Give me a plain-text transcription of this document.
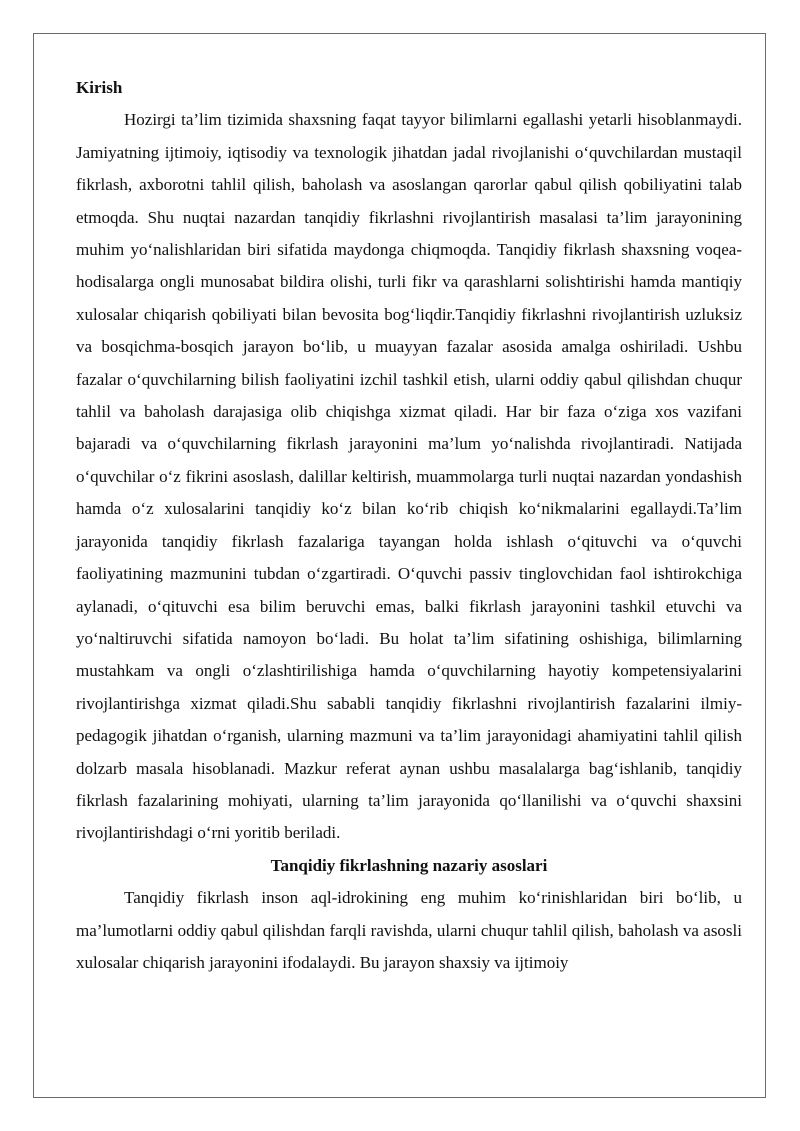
Kirish

Hozirgi ta’lim tizimida shaxsning faqat tayyor bilimlarni egallashi yetarli hisoblanmaydi. Jamiyatning ijtimoiy, iqtisodiy va texnologik jihatdan jadal rivojlanishi o‘quvchilardan mustaqil fikrlash, axborotni tahlil qilish, baholash va asoslangan qarorlar qabul qilish qobiliyatini talab etmoqda. Shu nuqtai nazardan tanqidiy fikrlashni rivojlantirish masalasi ta’lim jarayonining muhim yo‘nalishlaridan biri sifatida maydonga chiqmoqda. Tanqidiy fikrlash shaxsning voqea-hodisalarga ongli munosabat bildira olishi, turli fikr va qarashlarni solishtirishi hamda mantiqiy xulosalar chiqarish qobiliyati bilan bevosita bog‘liqdir.Tanqidiy fikrlashni rivojlantirish uzluksiz va bosqichma-bosqich jarayon bo‘lib, u muayyan fazalar asosida amalga oshiriladi. Ushbu fazalar o‘quvchilarning bilish faoliyatini izchil tashkil etish, ularni oddiy qabul qilishdan chuqur tahlil va baholash darajasiga olib chiqishga xizmat qiladi. Har bir faza o‘ziga xos vazifani bajaradi va o‘quvchilarning fikrlash jarayonini ma’lum yo‘nalishda rivojlantiradi. Natijada o‘quvchilar o‘z fikrini asoslash, dalillar keltirish, muammolarga turli nuqtai nazardan yondashish hamda o‘z xulosalarini tanqidiy ko‘z bilan ko‘rib chiqish ko‘nikmalarini egallaydi.Ta’lim jarayonida tanqidiy fikrlash fazalariga tayangan holda ishlash o‘qituvchi va o‘quvchi faoliyatining mazmunini tubdan o‘zgartiradi. O‘quvchi passiv tinglovchidan faol ishtirokchiga aylanadi, o‘qituvchi esa bilim beruvchi emas, balki fikrlash jarayonini tashkil etuvchi va yo‘naltiruvchi sifatida namoyon bo‘ladi. Bu holat ta’lim sifatining oshishiga, bilimlarning mustahkam va ongli o‘zlashtirilishiga hamda o‘quvchilarning hayotiy kompetensiyalarini rivojlantirishga xizmat qiladi.Shu sababli tanqidiy fikrlashni rivojlantirish fazalarini ilmiy-pedagogik jihatdan o‘rganish, ularning mazmuni va ta’lim jarayonidagi ahamiyatini tahlil qilish dolzarb masala hisoblanadi. Mazkur referat aynan ushbu masalalarga bag‘ishlanib, tanqidiy fikrlash fazalarining mohiyati, ularning ta’lim jarayonida qo‘llanilishi va o‘quvchi shaxsini rivojlantirishdagi o‘rni yoritib beriladi.

Tanqidiy fikrlashning nazariy asoslari

Tanqidiy fikrlash inson aql-idrokining eng muhim ko‘rinishlaridan biri bo‘lib, u ma’lumotlarni oddiy qabul qilishdan farqli ravishda, ularni chuqur tahlil qilish, baholash va asosli xulosalar chiqarish jarayonini ifodalaydi. Bu jarayon shaxsiy va ijtimoiy
